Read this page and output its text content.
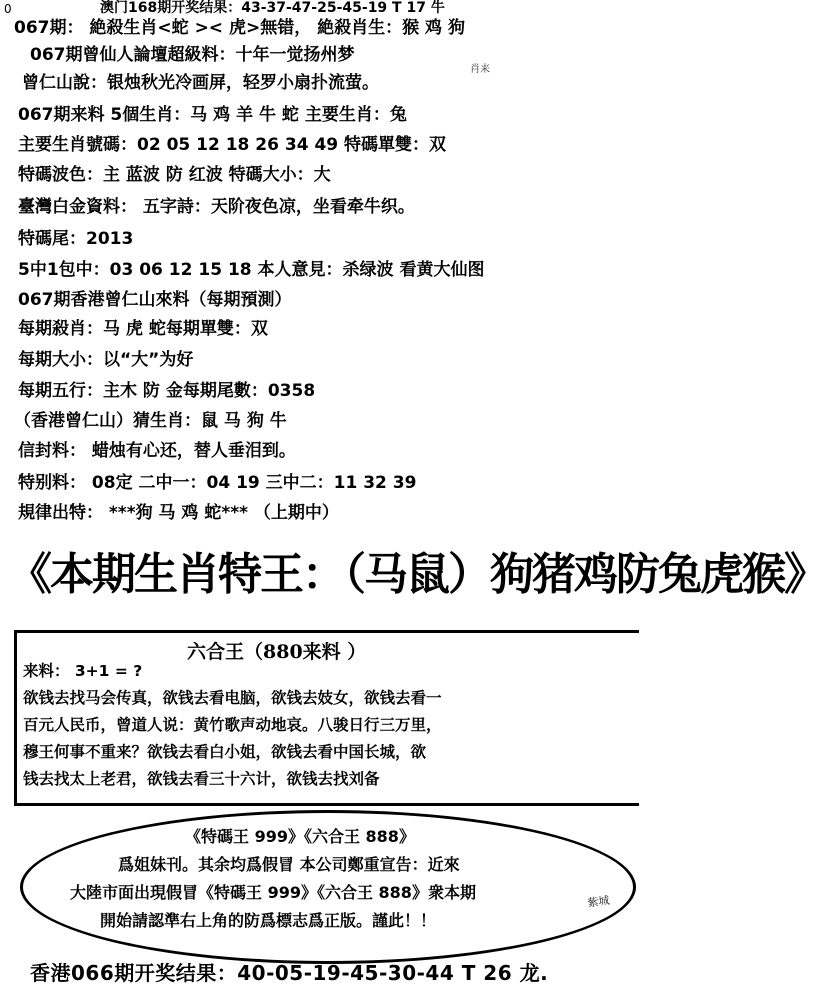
0	澳门168期开奖结果：43-37-47-25-45-19 T 17 牛
067期： 絶殺生肖<蛇 >< 虎>無错， 絶殺肖生：猴 鸡 狗
067期曾仙人論壇超級料：十年一觉扬州梦
肖来
曾仁山說：银烛秋光冷画屏，轻罗小扇扑流萤。
067期来料 5個生肖：马 鸡 羊 牛 蛇 主要生肖：兔
主要生肖號碼：02 05 12 18 26 34 49 特碼單雙：双
特碼波色：主 蓝波 防 红波 特碼大小：大
臺灣白金資料： 五字詩：天阶夜色凉，坐看牵牛织。
特碼尾：2013
5中1包中：03 06 12 15 18 本人意見：杀绿波 看黄大仙图
067期香港曾仁山來料（每期預測）
每期殺肖：马 虎 蛇每期單雙：双
每期大小：以“大”为好
每期五行：主木 防 金每期尾數：0358
（香港曾仁山）猜生肖：鼠 马 狗 牛
信封料： 蜡烛有心还，替人垂泪到。
特别料： 08定 二中一：04 19 三中二：11 32 39
規律出特： ***狗 马 鸡 蛇*** （上期中）
《本期生肖特王：（马鼠）狗猪鸡防兔虎猴》
六合王（880来料 ）
来料： 3+1 = ?
欲钱去找马会传真，欲钱去看电脑，欲钱去妓女，欲钱去看一
百元人民币，曾道人说：黄竹歌声动地哀。八骏日行三万里，
穆王何事不重来？欲钱去看白小姐，欲钱去看中国长城，欲
钱去找太上老君，欲钱去看三十六计，欲钱去找刘备
《特碼王 999》《六合王 888》
爲姐妹刊。其余均爲假冒 本公司鄭重宣告：近來
大陸市面出現假冒《特碼王 999》《六合王 888》衆本期
開始請認準右上角的防爲標志爲正版。謹此！！
紫城
香港066期开奖结果：40-05-19-45-30-44 T 26 龙.
